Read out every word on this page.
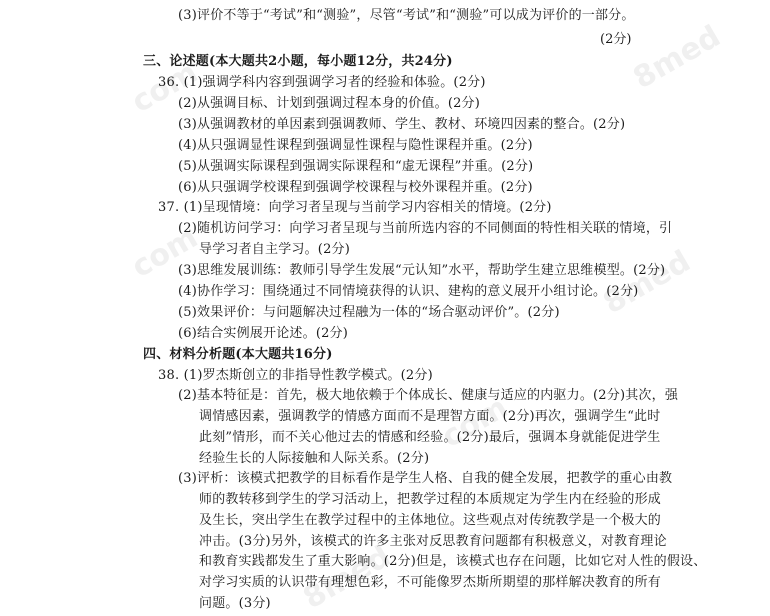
com	8med
com	8med
com
8med
(3)评价不等于“考试”和“测验”，尽管“考试”和“测验”可以成为评价的一部分。
(2分)
三、论述题(本大题共2小题，每小题12分，共24分)
36. (1)强调学科内容到强调学习者的经验和体验。(2分)
(2)从强调目标、计划到强调过程本身的价值。(2分)
(3)从强调教材的单因素到强调教师、学生、教材、环境四因素的整合。(2分)
(4)从只强调显性课程到强调显性课程与隐性课程并重。(2分)
(5)从强调实际课程到强调实际课程和“虚无课程”并重。(2分)
(6)从只强调学校课程到强调学校课程与校外课程并重。(2分)
37. (1)呈现情境：向学习者呈现与当前学习内容相关的情境。(2分)
(2)随机访问学习：向学习者呈现与当前所选内容的不同侧面的特性相关联的情境，引
导学习者自主学习。(2分)
(3)思维发展训练：教师引导学生发展“元认知”水平，帮助学生建立思维模型。(2分)
(4)协作学习：围绕通过不同情境获得的认识、建构的意义展开小组讨论。(2分)
(5)效果评价：与问题解决过程融为一体的“场合驱动评价”。(2分)
(6)结合实例展开论述。(2分)
四、材料分析题(本大题共16分)
38. (1)罗杰斯创立的非指导性教学模式。(2分)
(2)基本特征是：首先，极大地依赖于个体成长、健康与适应的内驱力。(2分)其次，强
调情感因素，强调教学的情感方面而不是理智方面。(2分)再次，强调学生“此时
此刻”情形，而不关心他过去的情感和经验。(2分)最后，强调本身就能促进学生
经验生长的人际接触和人际关系。(2分)
(3)评析：该模式把教学的目标看作是学生人格、自我的健全发展，把教学的重心由教
师的教转移到学生的学习活动上，把教学过程的本质规定为学生内在经验的形成
及生长，突出学生在教学过程中的主体地位。这些观点对传统教学是一个极大的
冲击。(3分)另外，该模式的许多主张对反思教育问题都有积极意义，对教育理论
和教育实践都发生了重大影响。(2分)但是，该模式也存在问题，比如它对人性的假设、
对学习实质的认识带有理想色彩，不可能像罗杰斯所期望的那样解决教育的所有
问题。(3分)
